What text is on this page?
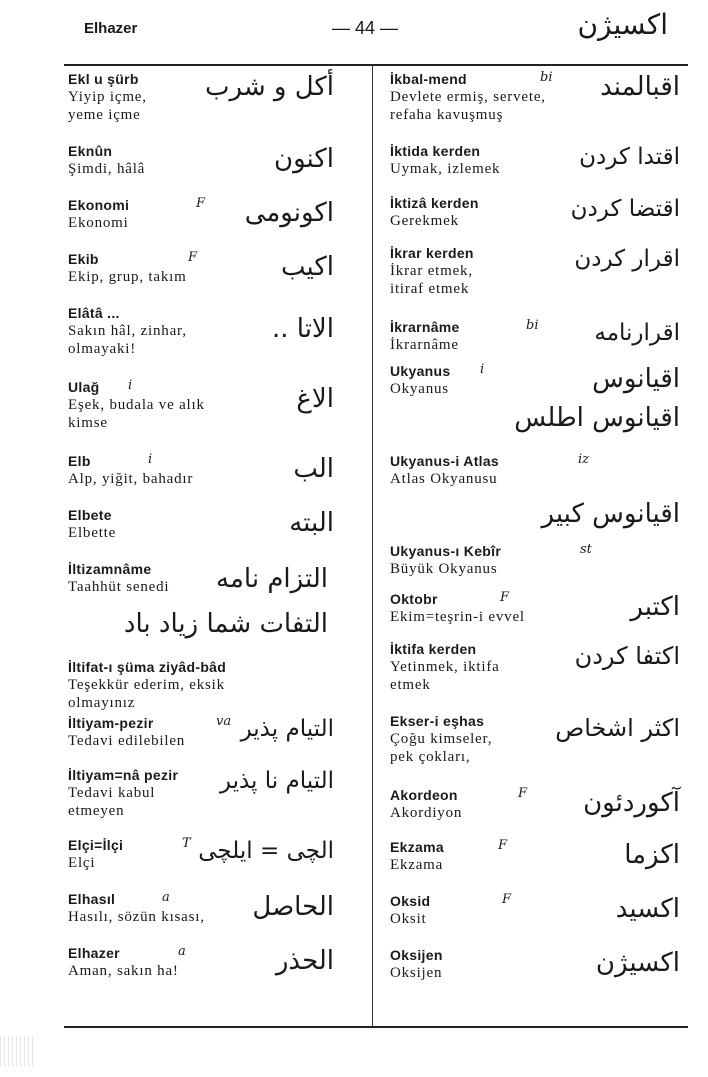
Elhazer	— 44 —	اکسیژن
Ekl u şürb
Yiyip içme,
yeme içme
أكل و شرب
Eknûn
Şimdi, hâlâ	اكنون
Ekonomi	F
Ekonomi	اكونومى
Ekib	F
Ekip, grup, takım	اكيب
Elâtâ ...
Sakın hâl, zinhar,
olmayaki!
الاتا ..
Ulağ	i
Eşek, budala ve alık
kimse
الاغ
Elb	i
Alp, yiğit, bahadır	الب
Elbete
Elbette	البته
İltizamnâme
Taahhüt senedi	التزام نامه
التفات شما زياد باد
İltifat-ı şüma ziyâd-bâd
Teşekkür ederim, eksik
olmayınız
İltiyam-pezir	va
Tedavi edilebilen	التيام پذير
İltiyam=nâ pezir
Tedavi kabul
etmeyen
التيام نا پذير
Elçi=İlçi	T
Elçi	الچى = ايلچى
Elhasıl	a
Hasılı, sözün kısası,	الحاصل
Elhazer	a
Aman, sakın ha!	الحذر
İkbal-mend	bi
Devlete ermiş, servete,
refaha kavuşmuş
اقبالمند
İktida kerden
Uymak, izlemek	اقتدا كردن
İktizâ kerden
Gerekmek	اقتضا كردن
İkrar kerden
İkrar etmek,
itiraf etmek
اقرار كردن
İkrarnâme	bi
İkrarnâme	اقرارنامه
Ukyanus	i
Okyanus	اقيانوس
اقيانوس اطلس
Ukyanus-i Atlas	iz
Atlas Okyanusu
اقيانوس كبير
Ukyanus-ı Kebîr	st
Büyük Okyanus
Oktobr	F
Ekim=teşrin-i evvel	اكتبر
İktifa kerden
Yetinmek, iktifa
etmek
اكتفا كردن
Ekser-i eşhas
Çoğu kimseler,
pek çokları,
اكثر اشخاص
Akordeon	F
Akordiyon	آكوردئون
Ekzama	F
Ekzama	اكزما
Oksid	F
Oksit	اكسيد
Oksijen
Oksijen	اكسيژن
